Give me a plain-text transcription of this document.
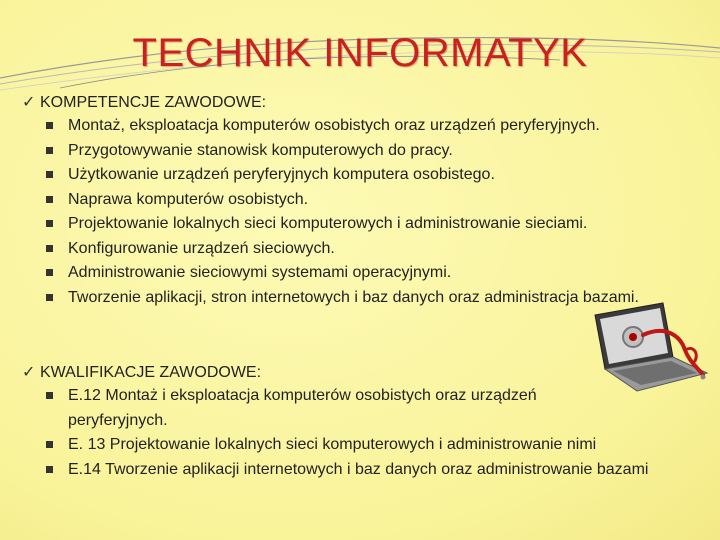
TECHNIK INFORMATYK
✓ KOMPETENCJE ZAWODOWE:
Montaż, eksploatacja komputerów osobistych oraz urządzeń peryferyjnych.
Przygotowywanie stanowisk komputerowych do pracy.
Użytkowanie urządzeń peryferyjnych komputera osobistego.
Naprawa komputerów osobistych.
Projektowanie lokalnych sieci komputerowych i administrowanie sieciami.
Konfigurowanie urządzeń sieciowych.
Administrowanie sieciowymi systemami operacyjnymi.
Tworzenie aplikacji, stron internetowych i baz danych oraz administracja bazami.
✓ KWALIFIKACJE ZAWODOWE:
E.12 Montaż i eksploatacja komputerów osobistych oraz urządzeń peryferyjnych.
E. 13 Projektowanie lokalnych sieci komputerowych i administrowanie nimi
E.14 Tworzenie aplikacji internetowych i baz danych oraz administrowanie bazami
